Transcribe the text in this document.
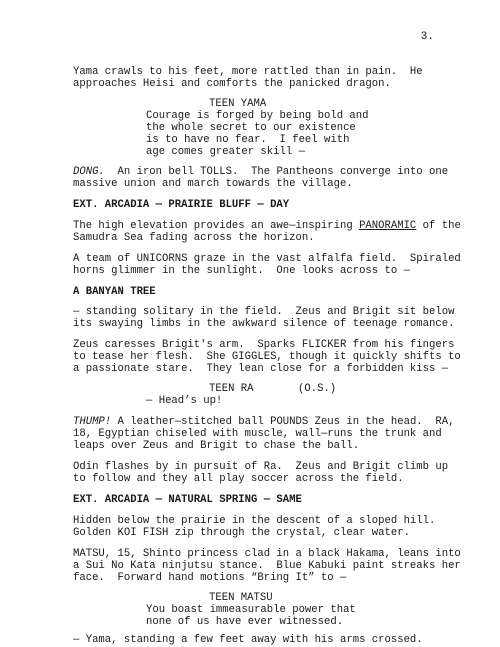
3.
Yama crawls to his feet, more rattled than in pain.  He
approaches Heisi and comforts the panicked dragon.
TEEN YAMA
Courage is forged by being bold and
the whole secret to our existence
is to have no fear.  I feel with
age comes greater skill —
DONG.  An iron bell TOLLS.  The Pantheons converge into one
massive union and march towards the village.
EXT. ARCADIA — PRAIRIE BLUFF — DAY
The high elevation provides an awe—inspiring PANORAMIC of the
Samudra Sea fading across the horizon.
A team of UNICORNS graze in the vast alfalfa field.  Spiraled
horns glimmer in the sunlight.  One looks across to —
A BANYAN TREE
— standing solitary in the field.  Zeus and Brigit sit below
its swaying limbs in the awkward silence of teenage romance.
Zeus caresses Brigit's arm.  Sparks FLICKER from his fingers
to tease her flesh.  She GIGGLES, though it quickly shifts to
a passionate stare.  They lean close for a forbidden kiss —
TEEN RA       (O.S.)
— Head’s up!
THUMP! A leather—stitched ball POUNDS Zeus in the head.  RA,
18, Egyptian chiseled with muscle, wall—runs the trunk and
leaps over Zeus and Brigit to chase the ball.
Odin flashes by in pursuit of Ra.  Zeus and Brigit climb up
to follow and they all play soccer across the field.
EXT. ARCADIA — NATURAL SPRING — SAME
Hidden below the prairie in the descent of a sloped hill.
Golden KOI FISH zip through the crystal, clear water.
MATSU, 15, Shinto princess clad in a black Hakama, leans into
a Sui No Kata ninjutsu stance.  Blue Kabuki paint streaks her
face.  Forward hand motions “Bring It” to —
TEEN MATSU
You boast immeasurable power that
none of us have ever witnessed.
— Yama, standing a few feet away with his arms crossed.
